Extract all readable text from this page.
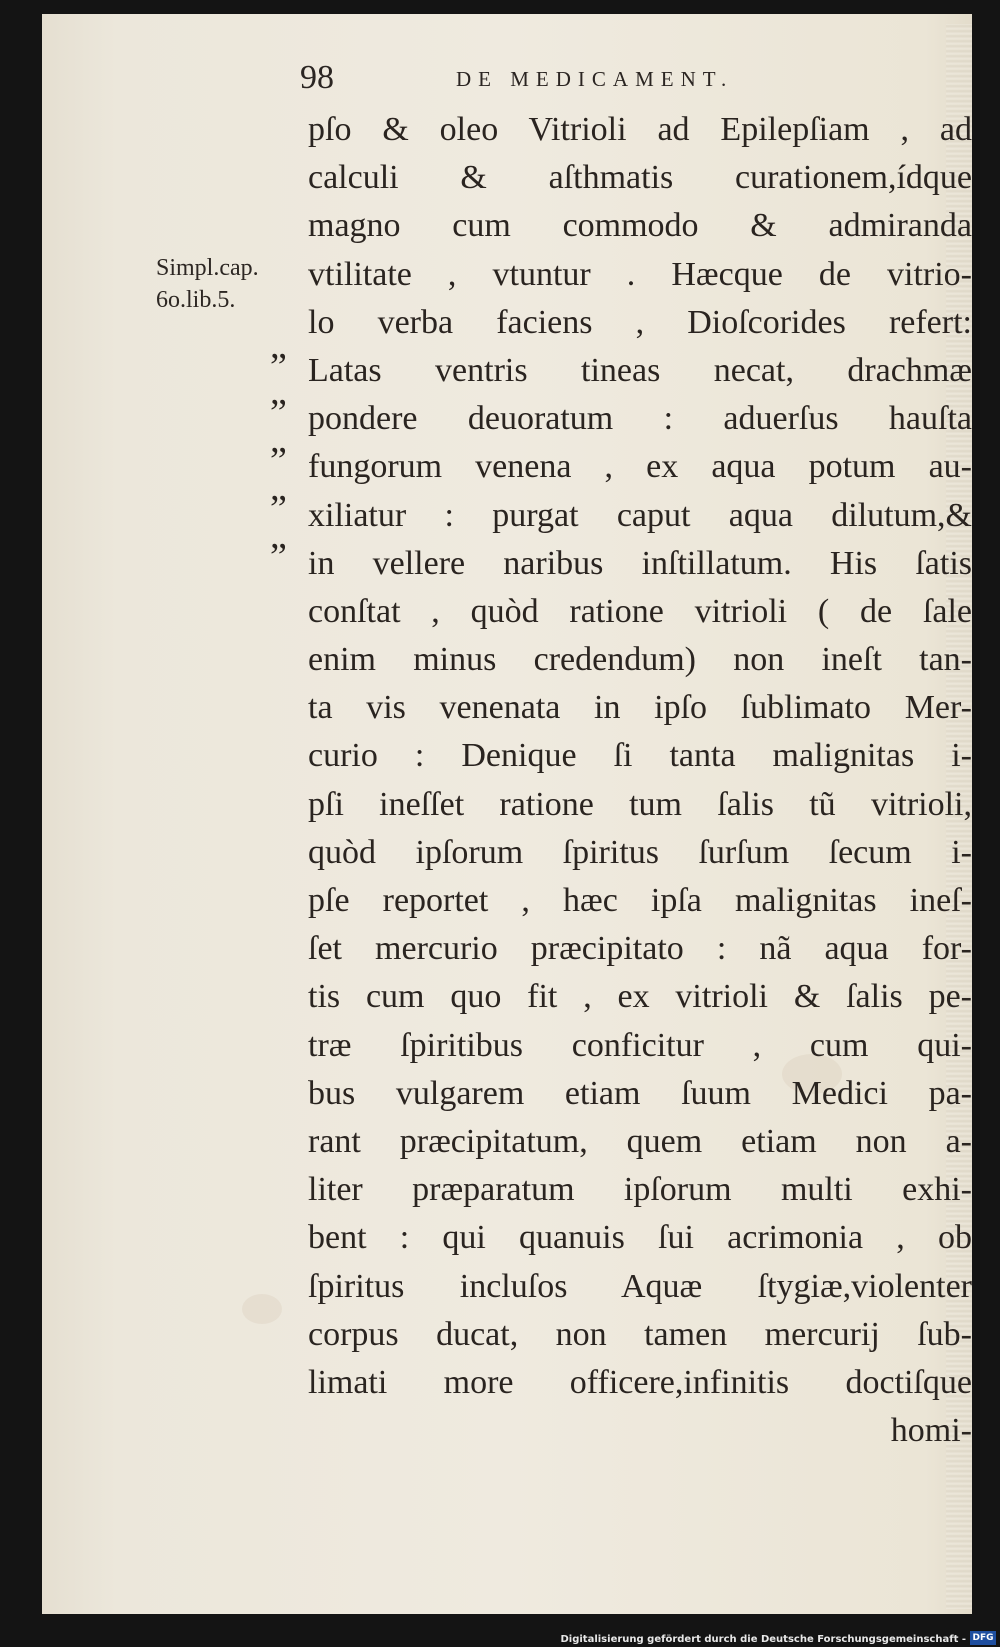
98	DE MEDICAMENT.
Simpl.cap.
6o.lib.5.
”
”
”
”
”
pſo & oleo Vitrioli ad Epilepſiam , ad
calculi & aſthmatis curationem,ídque
magno cum commodo & admiranda
vtilitate , vtuntur . Hæcque de vitrio-
lo verba faciens , Dioſcorides refert:
Latas ventris tineas necat, drachmæ
pondere deuoratum : aduerſus hauſta
fungorum venena , ex aqua potum au-
xiliatur : purgat caput aqua dilutum,&
in vellere naribus inſtillatum. His ſatis
conſtat , quòd ratione vitrioli ( de ſale
enim minus credendum) non ineſt tan-
ta vis venenata in ipſo ſublimato Mer-
curio : Denique ſi tanta malignitas i-
pſi ineſſet ratione tum ſalis tũ vitrioli,
quòd ipſorum ſpiritus ſurſum ſecum i-
pſe reportet , hæc ipſa malignitas ineſ-
ſet mercurio præcipitato : nã aqua for-
tis cum quo fit , ex vitrioli & ſalis pe-
træ ſpiritibus conficitur , cum qui-
bus vulgarem etiam ſuum Medici pa-
rant præcipitatum, quem etiam non a-
liter præparatum ipſorum multi exhi-
bent : qui quanuis ſui acrimonia , ob
ſpiritus incluſos Aquæ ſtygiæ,violenter
corpus ducat, non tamen mercurij ſub-
limati more officere,infinitis doctiſque
homi-
Digitalisierung gefördert durch die Deutsche Forschungsgemeinschaft - DFG
